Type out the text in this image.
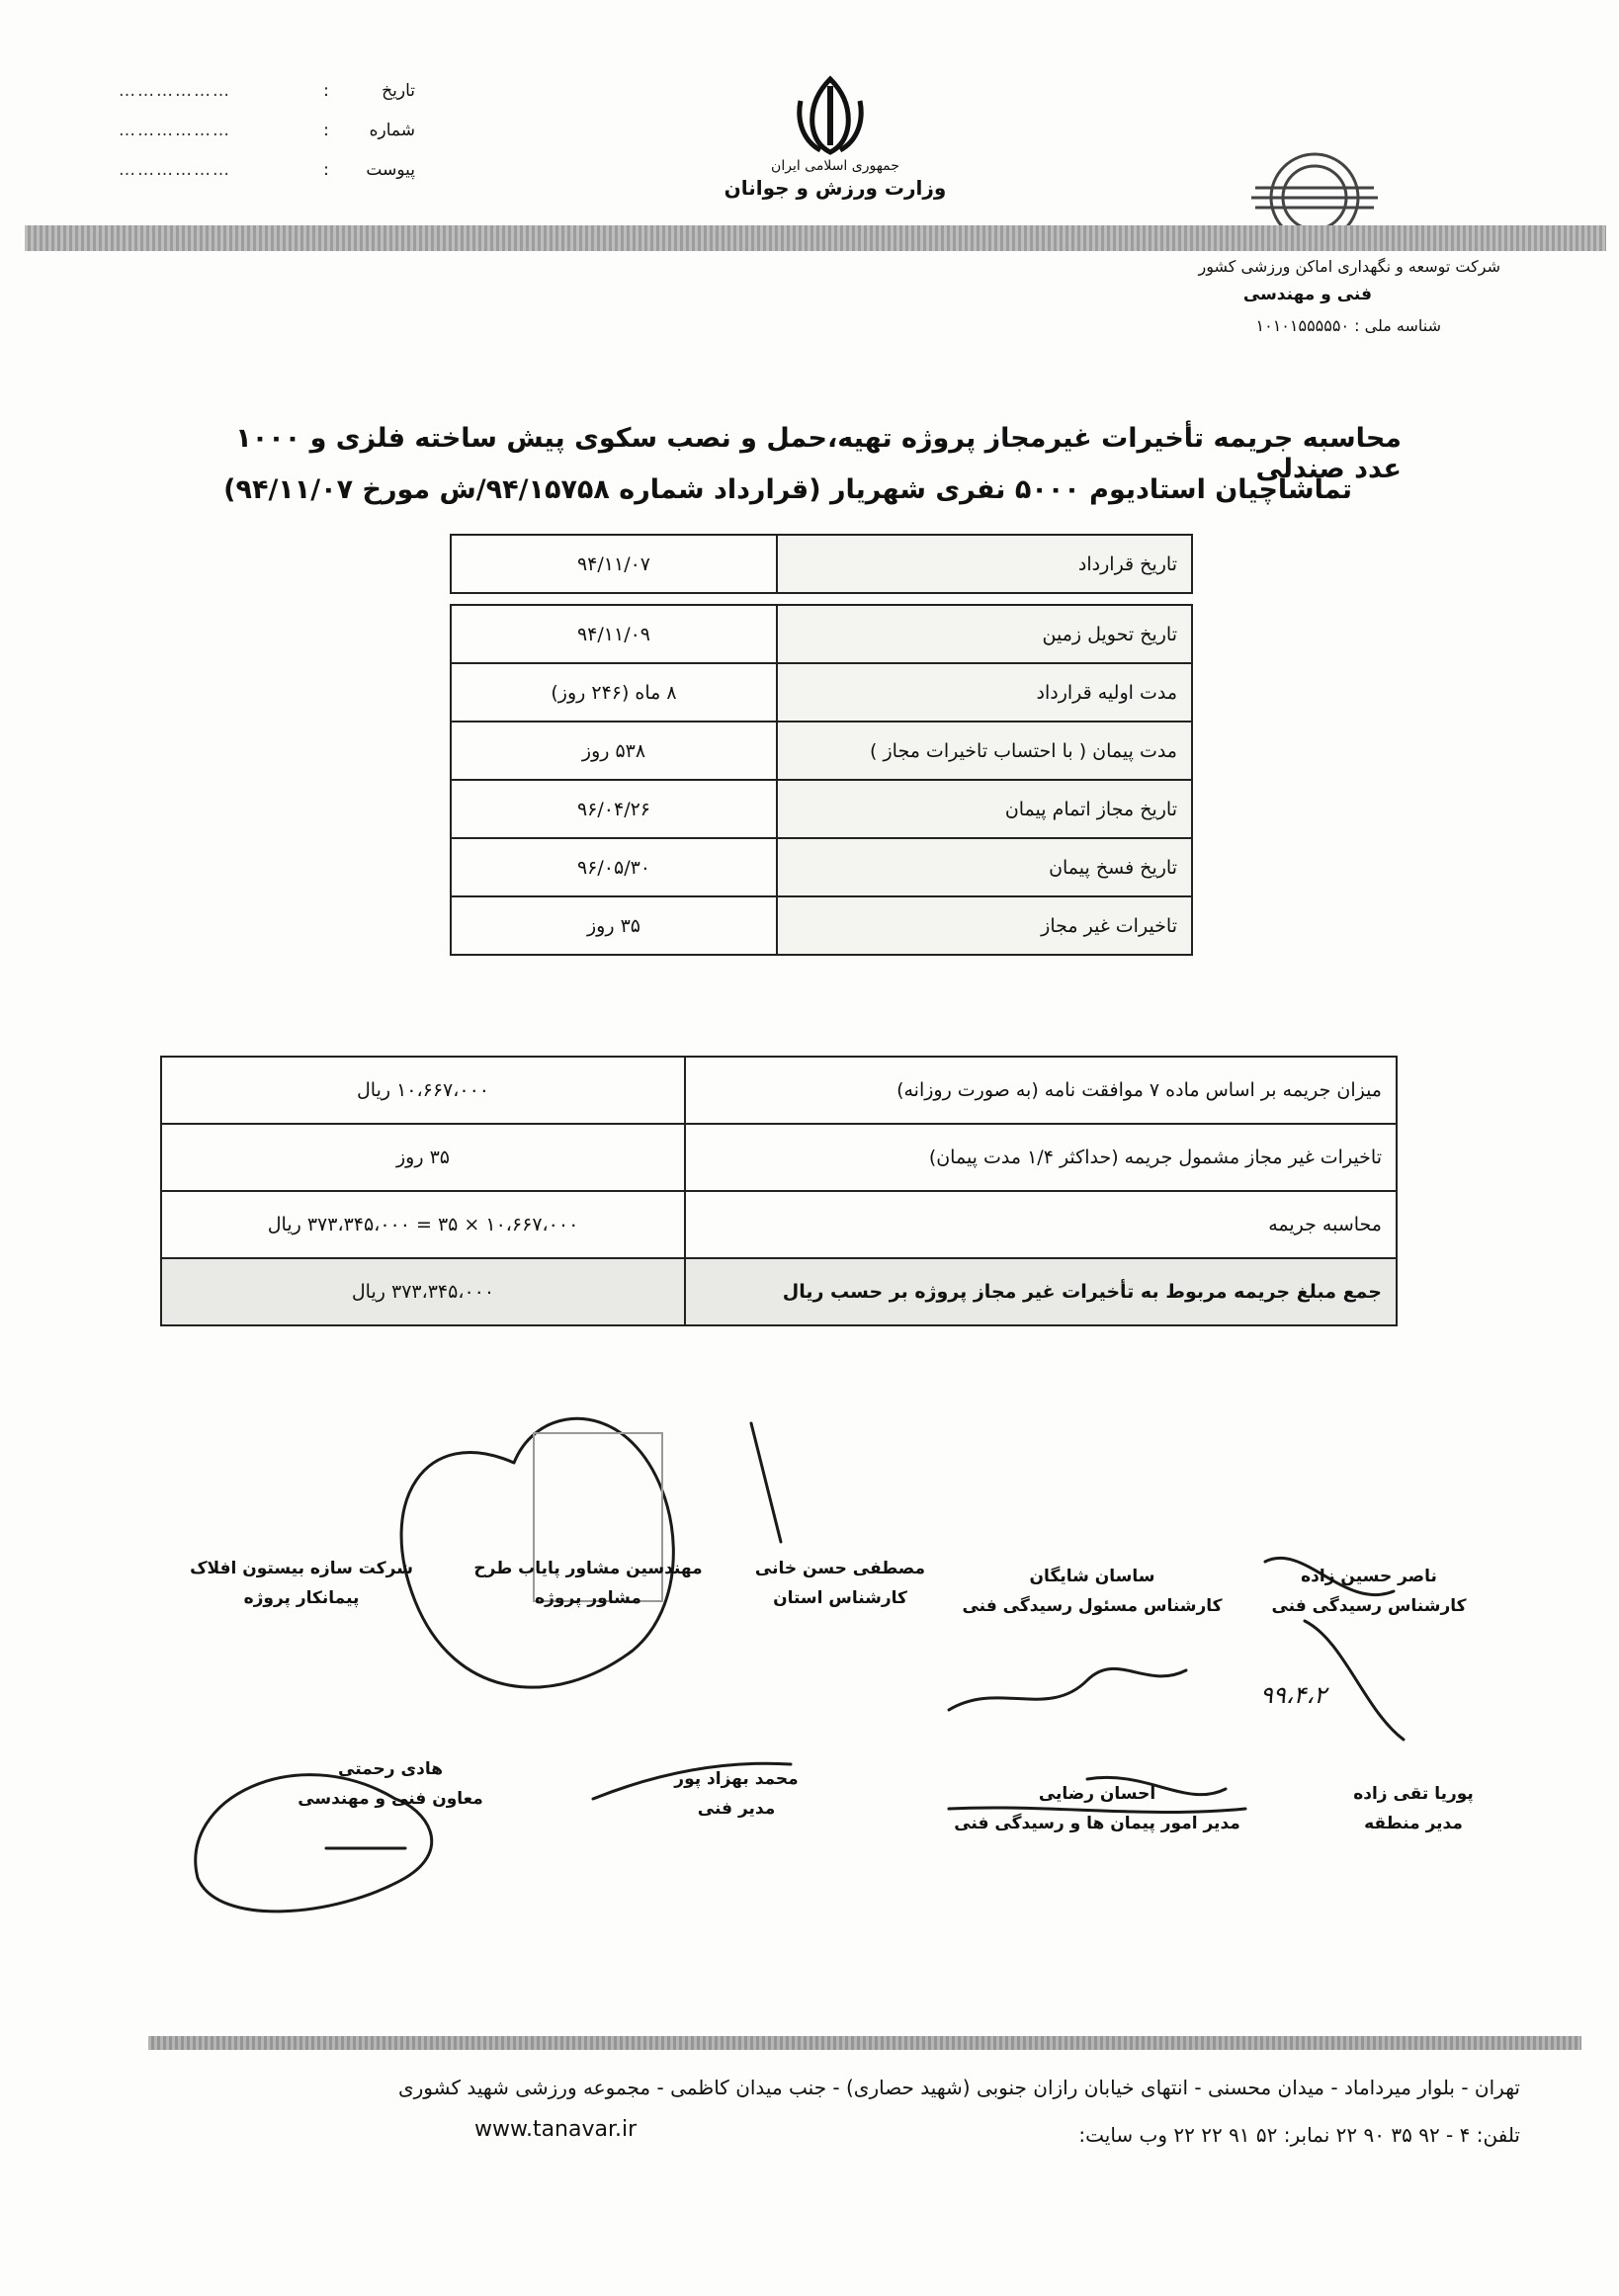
تاریخ
:
………………
شماره
:
………………
پیوست
:
………………	جمهوری اسلامی ایران
وزارت ورزش و جوانان
شرکت توسعه و نگهداری اماکن ورزشی کشور
فنی و مهندسی
شناسه ملی : ۱۰۱۰۱۵۵۵۵۵۰
محاسبه جریمه تأخیرات غیرمجاز پروژه تهیه،حمل و نصب سکوی پیش ساخته فلزی و ۱۰۰۰ عدد صندلی
تماشاچیان استادیوم ۵۰۰۰ نفری شهریار (قرارداد شماره ۹۴/۱۵۷۵۸/ش مورخ ۹۴/۱۱/۰۷)
تاریخ قرارداد	۹۴/۱۱/۰۷

تاریخ تحویل زمین	۹۴/۱۱/۰۹
مدت اولیه قرارداد	۸ ماه (۲۴۶ روز)
مدت پیمان ( با احتساب تاخیرات مجاز )	۵۳۸ روز
تاریخ مجاز اتمام پیمان	۹۶/۰۴/۲۶
تاریخ فسخ پیمان	۹۶/۰۵/۳۰
تاخیرات غیر مجاز	۳۵ روز
میزان جریمه بر اساس ماده ۷ موافقت نامه (به صورت روزانه)	۱۰،۶۶۷،۰۰۰ ریال
تاخیرات غیر مجاز مشمول جریمه (حداکثر ۱/۴ مدت پیمان)	۳۵ روز
محاسبه جریمه	۱۰،۶۶۷،۰۰۰ × ۳۵ = ۳۷۳،۳۴۵،۰۰۰ ریال
جمع مبلغ جریمه مربوط به تأخیرات غیر مجاز پروژه بر حسب ریال	۳۷۳،۳۴۵،۰۰۰ ریال
۹۹،۴،۲
ناصر حسین زاده
کارشناس رسیدگی فنی
ساسان شایگان
کارشناس مسئول رسیدگی فنی
مصطفی حسن خانی
کارشناس استان
مهندسین مشاور پایاب طرح
مشاور پروژه
شرکت سازه بیستون افلاک
پیمانکار پروژه
پوریا تقی زاده
مدیر منطقه
احسان رضایی
مدیر امور پیمان ها و رسیدگی فنی
محمد بهزاد پور
مدیر فنی
هادی رحمتی
معاون فنی و مهندسی
تهران - بلوار میرداماد - میدان محسنی - انتهای خیابان رازان جنوبی (شهید حصاری) - جنب میدان کاظمی - مجموعه ورزشی شهید کشوری
تلفن: ۴ - ۹۲ ۳۵ ۹۰ ۲۲ نمابر: ۵۲ ۹۱ ۲۲ ۲۲ وب سایت:
www.tanavar.ir
